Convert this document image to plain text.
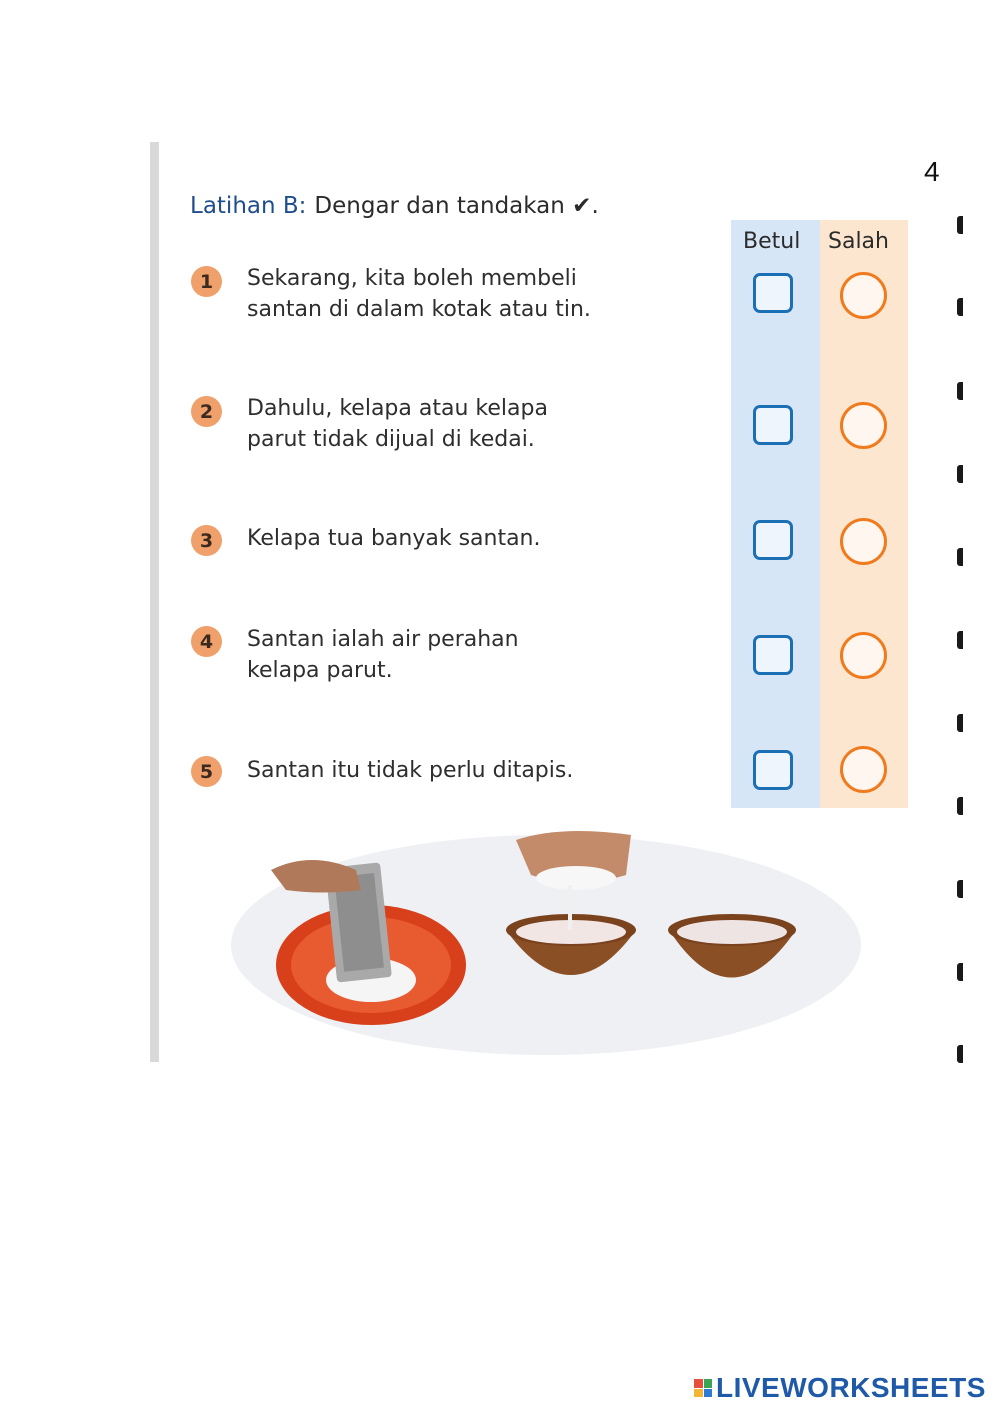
4
Latihan B: Dengar dan tandakan ✔.
Betul Salah
1	Sekarang, kita boleh membeli
santan di dalam kotak atau tin.
2	Dahulu, kelapa atau kelapa
parut tidak dijual di kedai.
3	Kelapa tua banyak santan.
4	Santan ialah air perahan
kelapa parut.
5	Santan itu tidak perlu ditapis.
LIVEWORKSHEETS
